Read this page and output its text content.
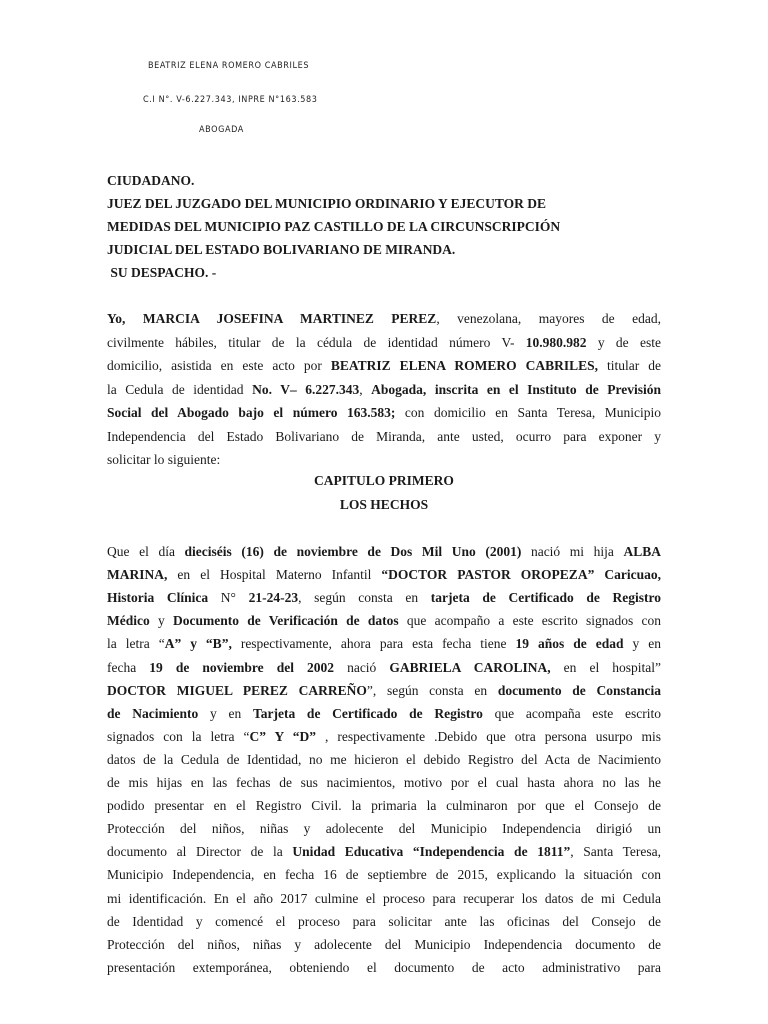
BEATRIZ ELENA ROMERO CABRILES
C.I N°. V-6.227.343, INPRE N°163.583
ABOGADA
CIUDADANO.
JUEZ DEL JUZGADO DEL MUNICIPIO ORDINARIO Y EJECUTOR DE
MEDIDAS DEL MUNICIPIO PAZ CASTILLO DE LA CIRCUNSCRIPCIÓN
JUDICIAL DEL ESTADO BOLIVARIANO DE MIRANDA.
SU DESPACHO. -
Yo, MARCIA JOSEFINA MARTINEZ PEREZ, venezolana, mayores de edad,
civilmente hábiles, titular de la cédula de identidad número V- 10.980.982 y de este
domicilio, asistida en este acto por BEATRIZ ELENA ROMERO CABRILES, titular de
la Cedula de identidad No. V– 6.227.343, Abogada, inscrita en el Instituto de Previsión
Social del Abogado bajo el número 163.583; con domicilio en Santa Teresa, Municipio
Independencia del Estado Bolivariano de Miranda, ante usted, ocurro para exponer y
solicitar lo siguiente:
CAPITULO PRIMERO
LOS HECHOS
Que el día dieciséis (16) de noviembre de Dos Mil Uno (2001) nació mi hija ALBA
MARINA, en el Hospital Materno Infantil “DOCTOR PASTOR OROPEZA” Caricuao,
Historia Clínica N° 21-24-23, según consta en tarjeta de Certificado de Registro
Médico y Documento de Verificación de datos que acompaño a este escrito signados con
la letra “A” y “B”, respectivamente, ahora para esta fecha tiene 19 años de edad y en
fecha 19 de noviembre del 2002 nació GABRIELA CAROLINA, en el hospital”
DOCTOR MIGUEL PEREZ CARREÑO”, según consta en documento de Constancia
de Nacimiento y en Tarjeta de Certificado de Registro que acompaña este escrito
signados con la letra “C” Y “D” , respectivamente .Debido que otra persona usurpo mis
datos de la Cedula de Identidad, no me hicieron el debido Registro del Acta de Nacimiento
de mis hijas en las fechas de sus nacimientos, motivo por el cual hasta ahora no las he
podido presentar en el Registro Civil. la primaria la culminaron por que el Consejo de
Protección del niños, niñas y adolecente del Municipio Independencia dirigió un
documento al Director de la Unidad Educativa “Independencia de 1811”, Santa Teresa,
Municipio Independencia, en fecha 16 de septiembre de 2015, explicando la situación con
mi identificación. En el año 2017 culmine el proceso para recuperar los datos de mi Cedula
de Identidad y comencé el proceso para solicitar ante las oficinas del Consejo de
Protección del niños, niñas y adolecente del Municipio Independencia documento de
presentación extemporánea, obteniendo el documento de acto administrativo para
